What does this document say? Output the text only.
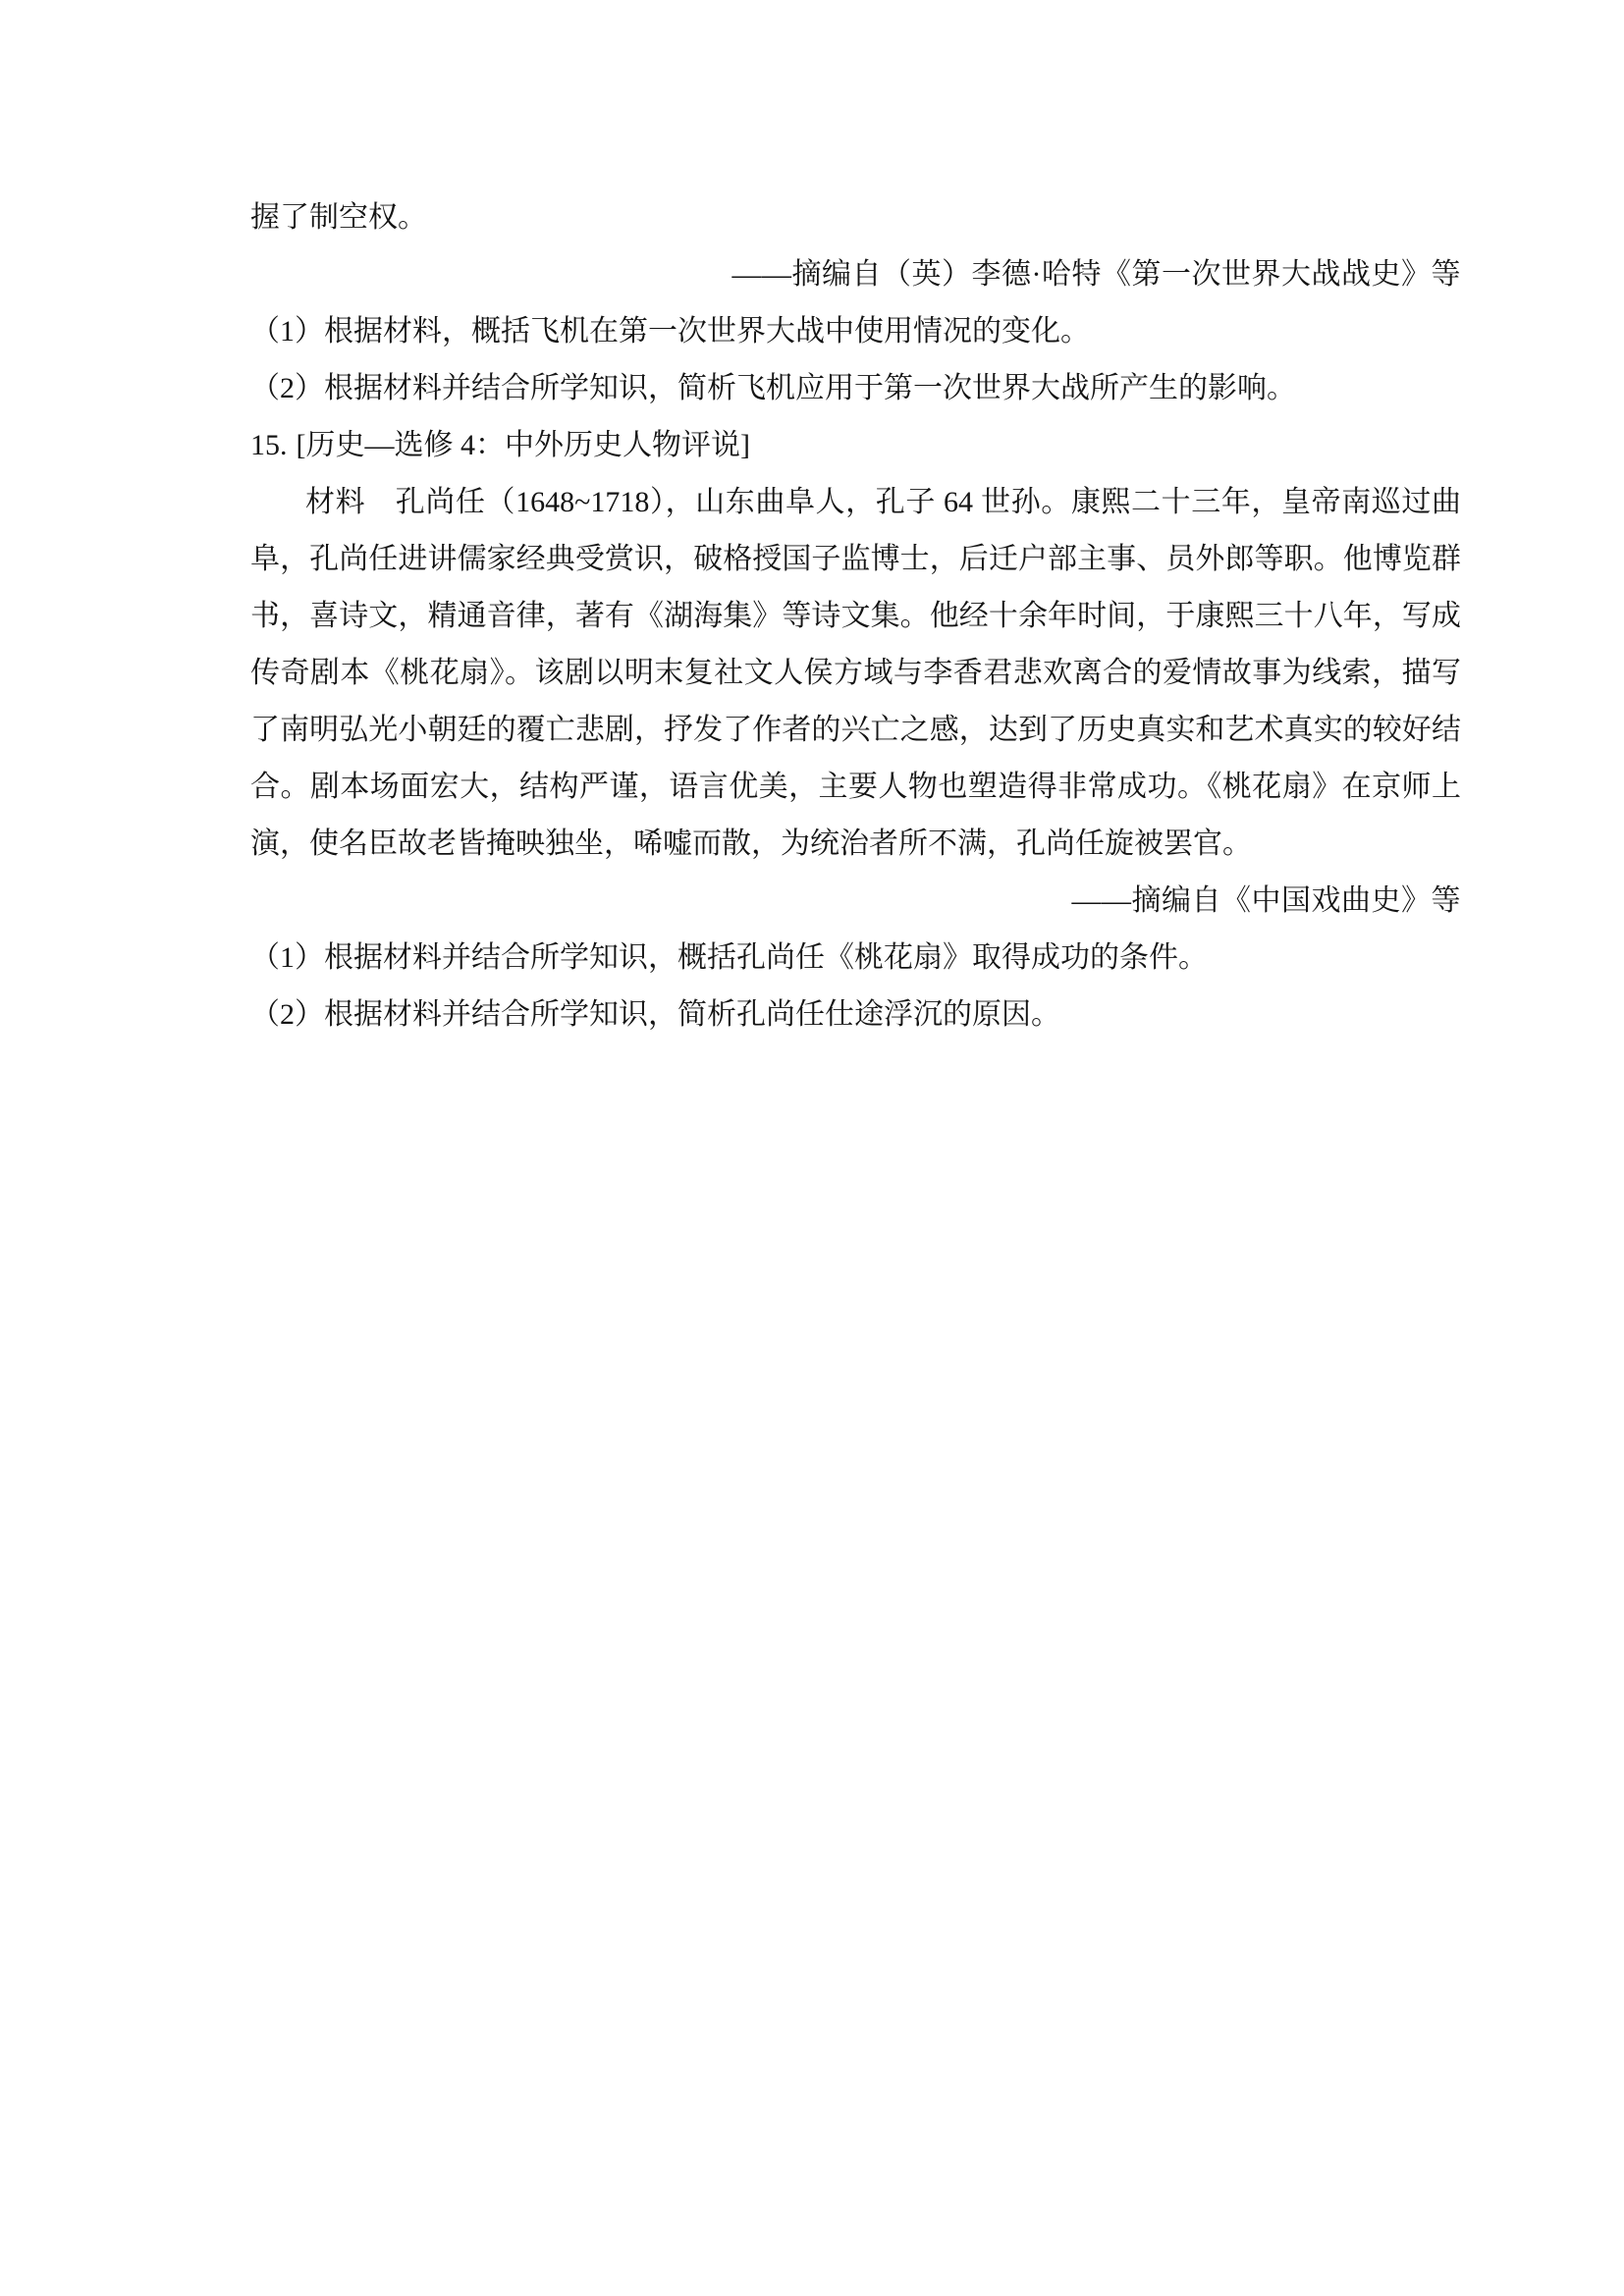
握了制空权。

——摘编自（英）李德·哈特《第一次世界大战战史》等

（1）根据材料，概括飞机在第一次世界大战中使用情况的变化。

（2）根据材料并结合所学知识，简析飞机应用于第一次世界大战所产生的影响。

15. [历史—选修 4：中外历史人物评说]

材料　孔尚任（1648~1718），山东曲阜人，孔子 64 世孙。康熙二十三年，皇帝南巡过曲阜，孔尚任进讲儒家经典受赏识，破格授国子监博士，后迁户部主事、员外郎等职。他博览群书，喜诗文，精通音律，著有《湖海集》等诗文集。他经十余年时间，于康熙三十八年，写成传奇剧本《桃花扇》。该剧以明末复社文人侯方域与李香君悲欢离合的爱情故事为线索，描写了南明弘光小朝廷的覆亡悲剧，抒发了作者的兴亡之感，达到了历史真实和艺术真实的较好结合。剧本场面宏大，结构严谨，语言优美，主要人物也塑造得非常成功。《桃花扇》在京师上演，使名臣故老皆掩映独坐，唏嘘而散，为统治者所不满，孔尚任旋被罢官。

——摘编自《中国戏曲史》等

（1）根据材料并结合所学知识，概括孔尚任《桃花扇》取得成功的条件。

（2）根据材料并结合所学知识，简析孔尚任仕途浮沉的原因。
